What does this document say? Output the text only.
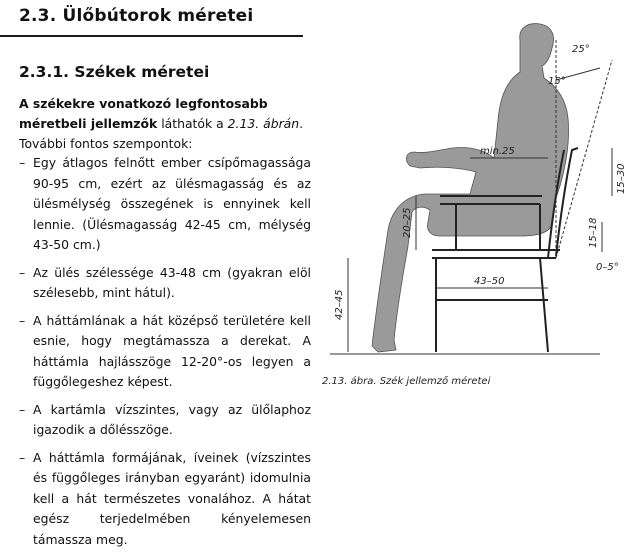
2.3. Ülőbútorok méretei
2.3.1. Székek méretei
A székekre vonatkozó legfontosabb méretbeli jellemzők láthatók a 2.13. ábrán. További fontos szempontok:
– Egy átlagos felnőtt ember csípőmagassága 90-95 cm, ezért az ülésmagasság és az ülésmélység összegének is ennyinek kell lennie. (Ülésmagasság 42-45 cm, mélység 43-50 cm.)
– Az ülés szélessége 43-48 cm (gyakran elöl szélesebb, mint hátul).
– A háttámlának a hát középső területére kell esnie, hogy megtámassza a derekat. A háttámla hajlásszöge 12-20°-os legyen a függőlegeshez képest.
– A kartámla vízszintes, vagy az ülőlaphoz igazodik a dőlésszöge.
– A háttámla formájának, íveinek (vízszintes és függőleges irányban egyaránt) idomulnia kell a hát természetes vonalához. A hátat egész terjedelmében kényelemesen támassza meg.
25°
15°
min.25
15–30
20–25	15–18
0–5°
43–50
42–45
2.13. ábra. Szék jellemző méretei
